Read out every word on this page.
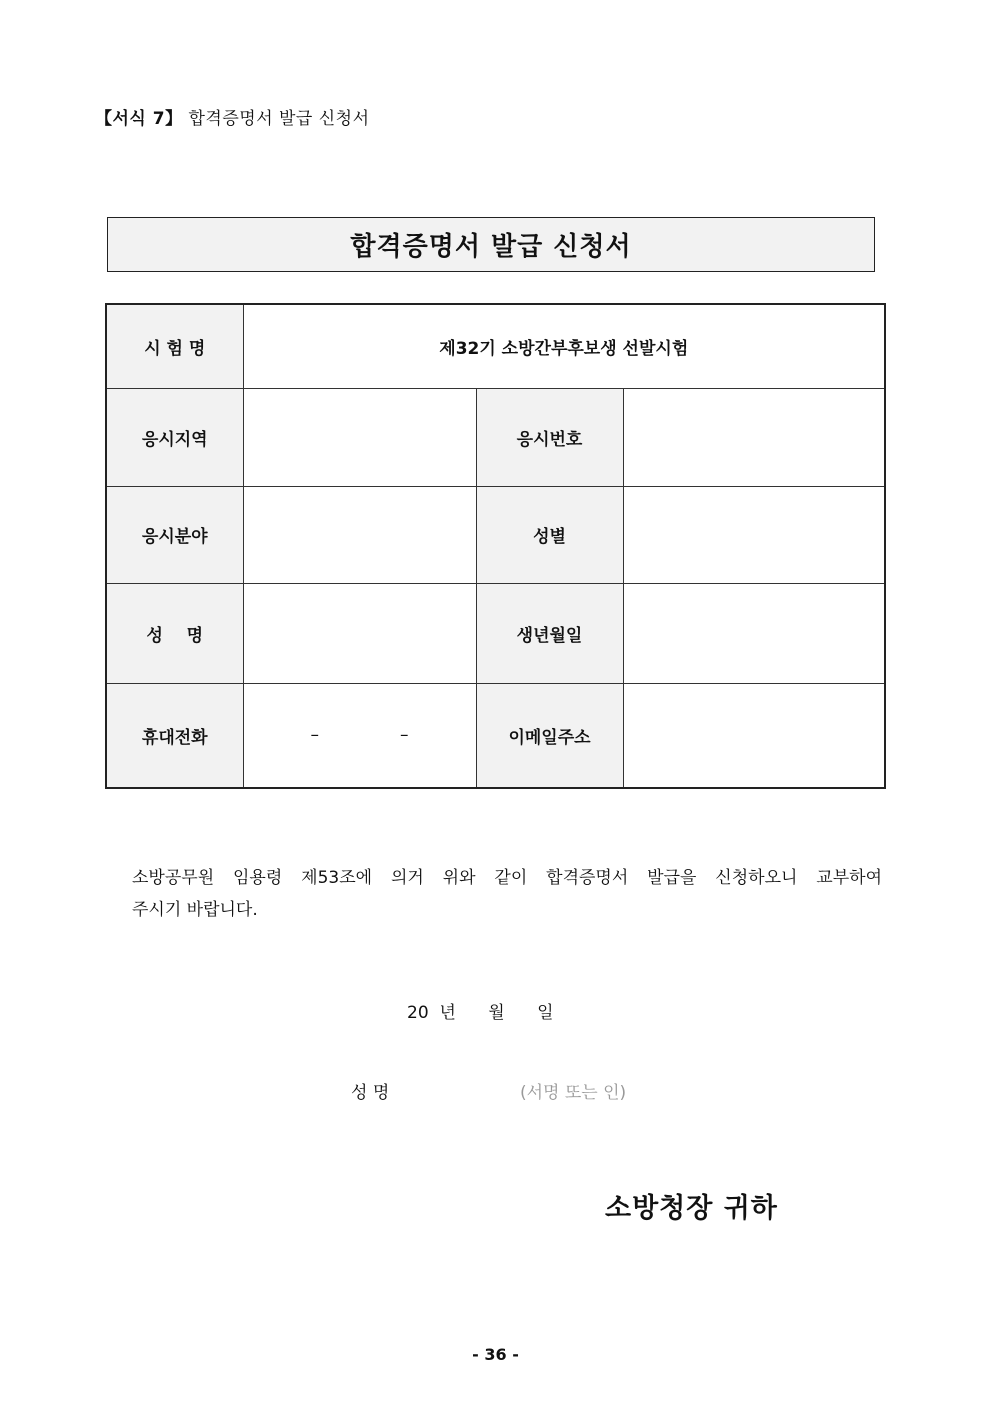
【서식 7】 합격증명서 발급 신청서
합격증명서 발급 신청서
시 험 명	제32기 소방간부후보생 선발시험		
응시지역		응시번호	
응시분야		성별	
성    명		생년월일	
휴대전화	– –	이메일주소	
소방공무원 임용령 제53조에 의거 위와 같이 합격증명서 발급을 신청하오니 교부하여
주시기 바랍니다.
20  년      월      일
성 명	(서명 또는 인)
소방청장 귀하
- 36 -
